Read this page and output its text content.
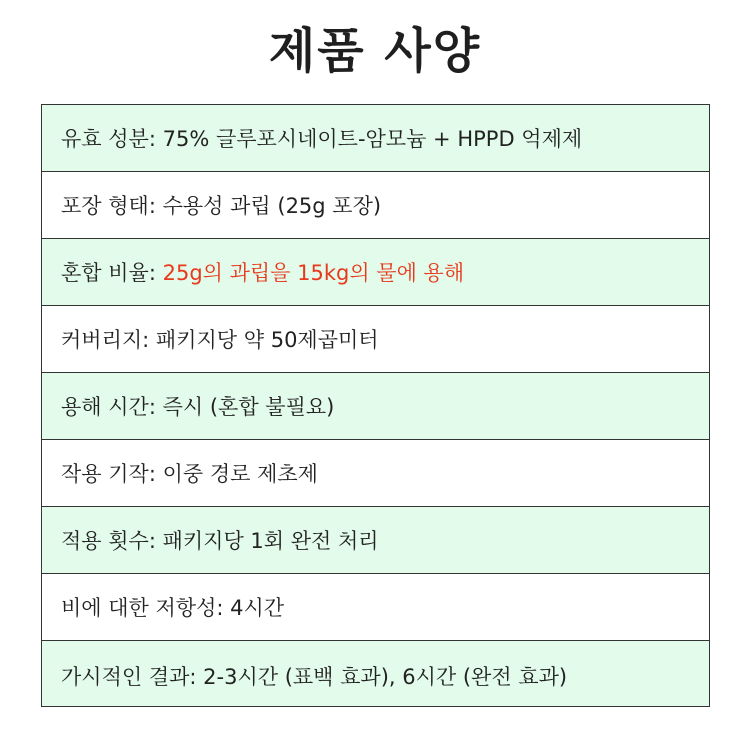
제품 사양
유효 성분:
75% 글루포시네이트-암모늄 + HPPD 억제제
포장 형태:
수용성 과립 (25g 포장)
혼합 비율:
25g의 과립을 15kg의 물에 용해
커버리지:
패키지당 약 50제곱미터
용해 시간:
즉시 (혼합 불필요)
작용 기작:
이중 경로 제초제
적용 횟수:
패키지당 1회 완전 처리
비에 대한 저항성:
4시간
가시적인 결과:
2-3시간 (표백 효과), 6시간 (완전 효과)
